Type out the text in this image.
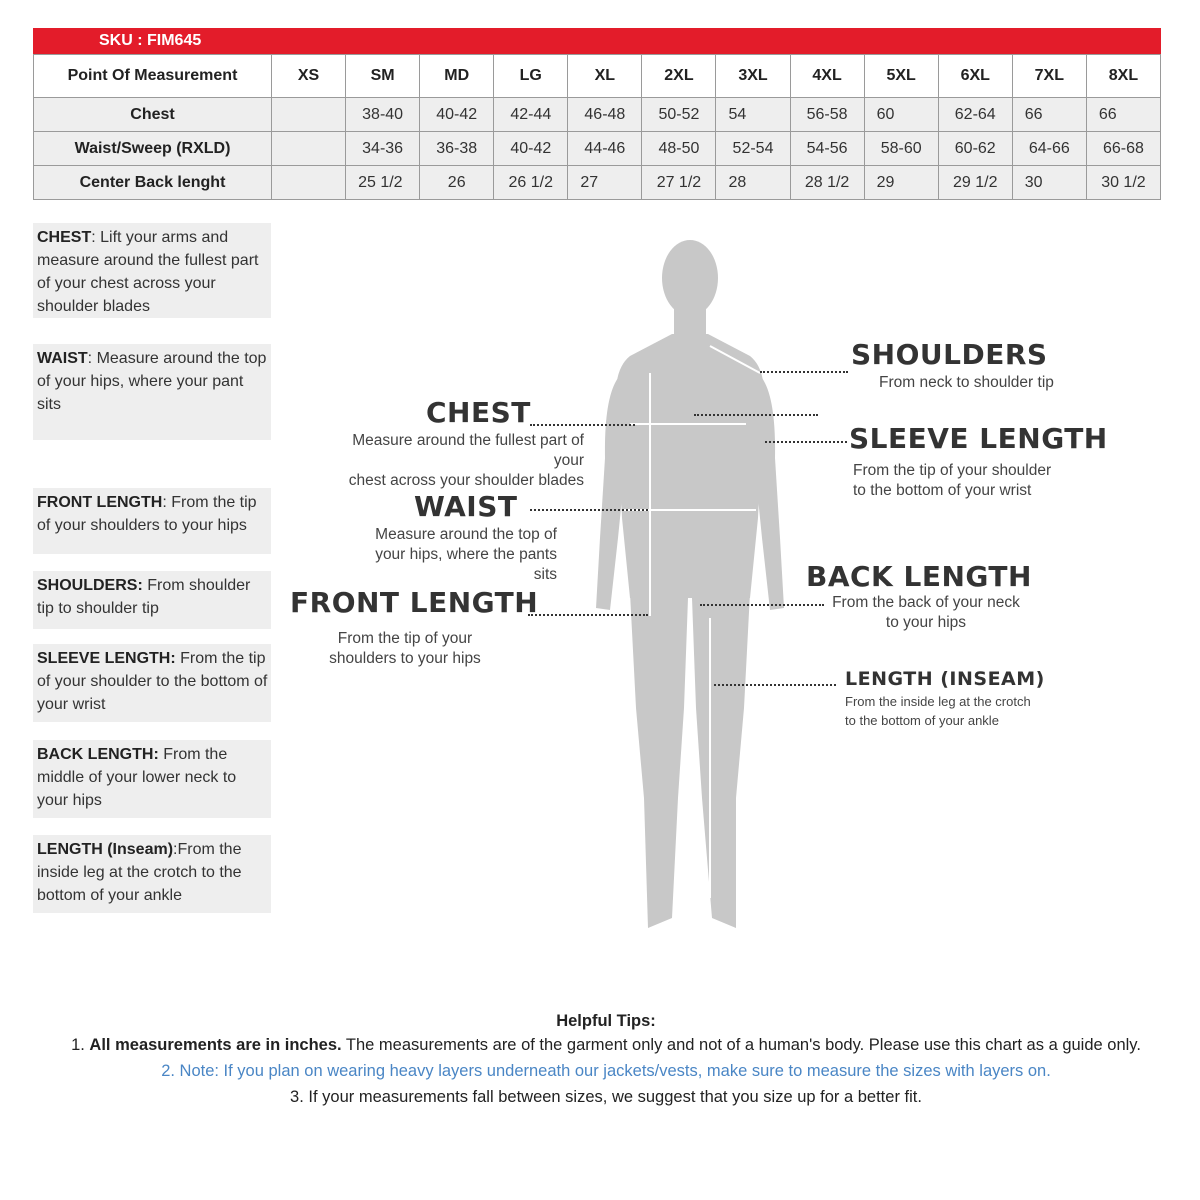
SKU : FIM645
Point Of Measurement	XS	SM	MD	LG	XL	2XL	3XL	4XL	5XL	6XL	7XL	8XL
Chest		38-40	40-42	42-44	46-48	50-52	54	56-58	60	62-64	66	66
Waist/Sweep (RXLD)		34-36	36-38	40-42	44-46	48-50	52-54	54-56	58-60	60-62	64-66	66-68
Center Back lenght		25 1/2	26	26 1/2	27	27 1/2	28	28 1/2	29	29 1/2	30	30 1/2
CHEST: Lift your arms and measure around the fullest part of your chest across your shoulder blades
WAIST: Measure around the top of your hips, where your pant sits
FRONT LENGTH: From the tip of your shoulders to your hips
SHOULDERS: From shoulder tip to shoulder tip
SLEEVE LENGTH: From the tip of your shoulder to the bottom of your wrist
BACK LENGTH: From the middle of your lower neck to your hips
LENGTH (Inseam):From the inside leg at the crotch to the bottom of your ankle
CHEST
Measure around the fullest part of your
chest across your shoulder blades
WAIST
Measure around the top of
your hips, where the pants sits
FRONT LENGTH
From the tip of your
shoulders to your hips
SHOULDERS
From neck to shoulder tip
SLEEVE LENGTH
From the tip of your shoulder
to the bottom of your wrist
BACK LENGTH
From the back of your neck
to your hips
LENGTH (INSEAM)
From the inside leg at the crotch
to the bottom of your ankle
Helpful Tips:
1. All measurements are in inches. The measurements are of the garment only and not of a human's body. Please use this chart as a guide only.
2. Note: If you plan on wearing heavy layers underneath our jackets/vests, make sure to measure the sizes with layers on.
3. If your measurements fall between sizes, we suggest that you size up for a better fit.
